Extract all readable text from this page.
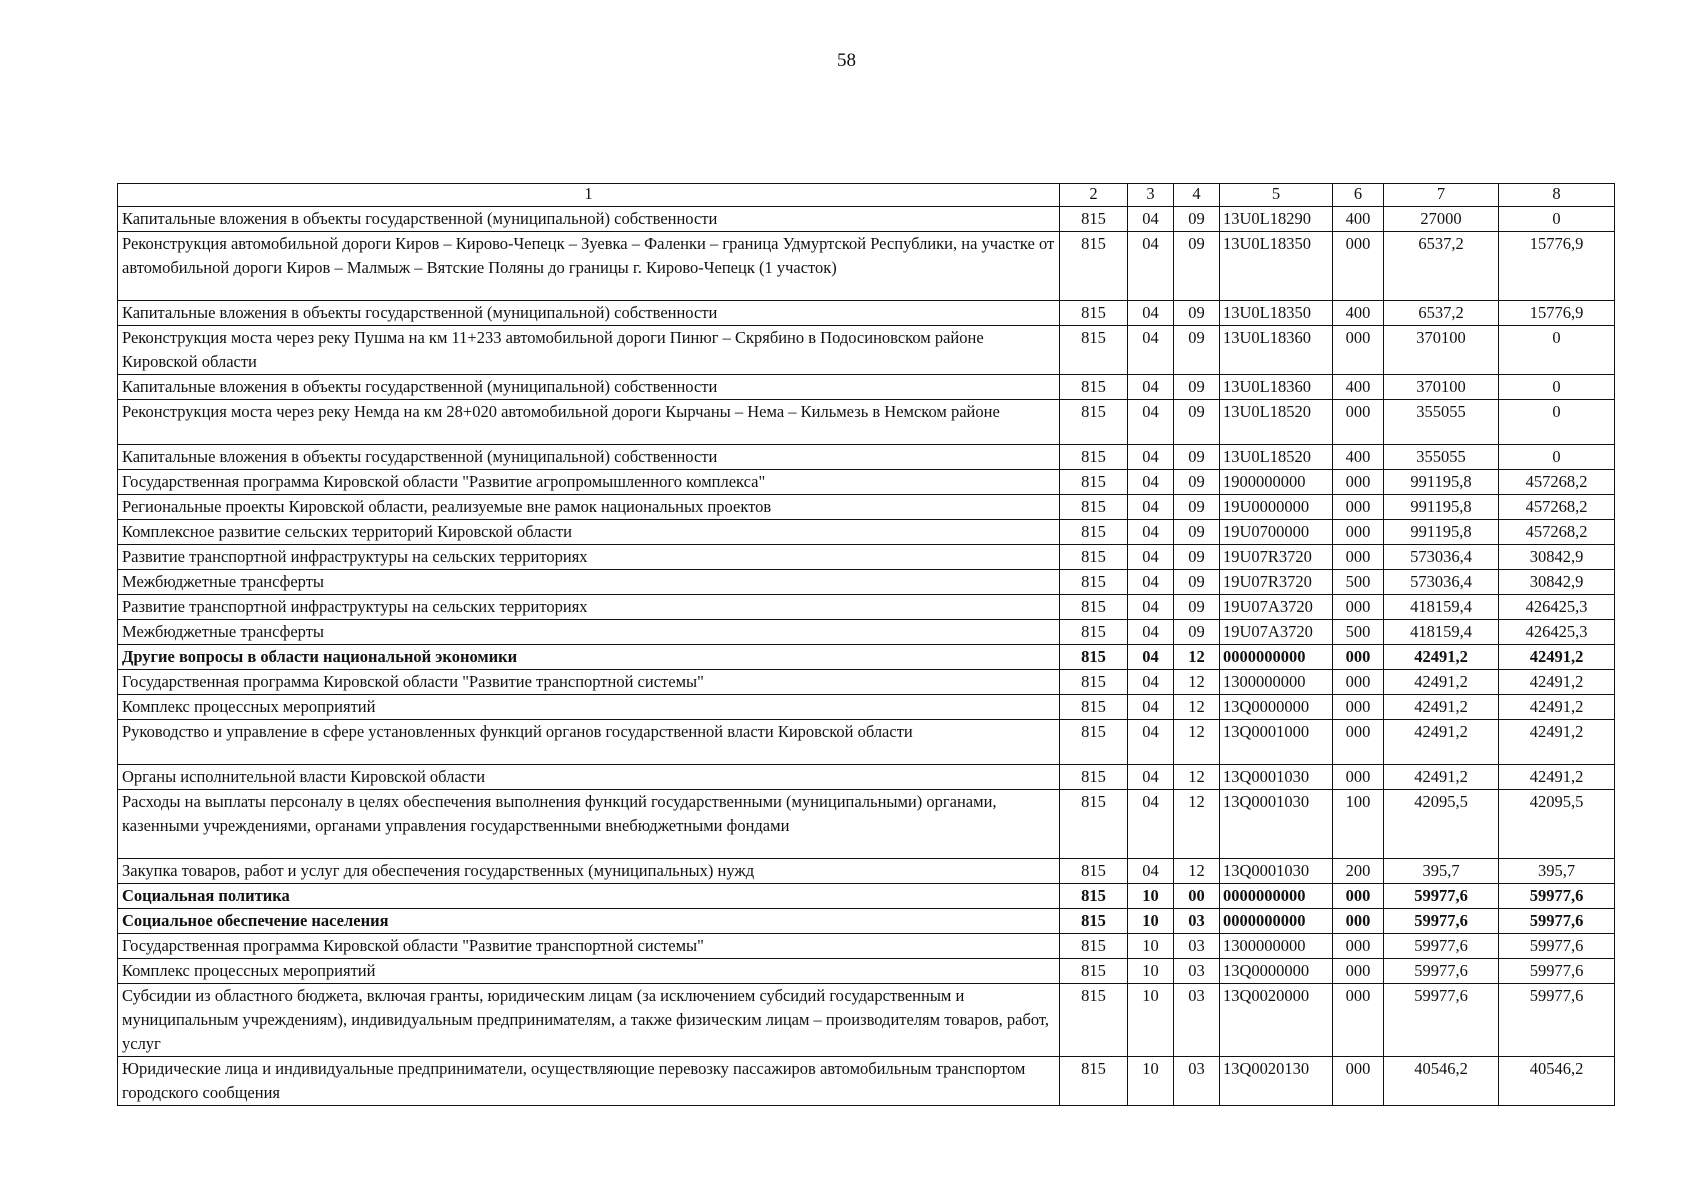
58
1	2	3	4	5	6	7	8
Капитальные вложения в объекты государственной (муниципальной) собственности	815	04	09	13U0L18290	400	27000	0
Реконструкция автомобильной дороги Киров – Кирово-Чепецк – Зуевка – Фаленки – граница Удмуртской Республики, на участке от автомобильной дороги Киров – Малмыж – Вятские Поляны до границы г. Кирово-Чепецк (1 участок)	815	04	09	13U0L18350	000	6537,2	15776,9
Капитальные вложения в объекты государственной (муниципальной) собственности	815	04	09	13U0L18350	400	6537,2	15776,9
Реконструкция моста через реку Пушма на км 11+233 автомобильной дороги Пинюг – Скрябино в Подосиновском районе Кировской области	815	04	09	13U0L18360	000	370100	0
Капитальные вложения в объекты государственной (муниципальной) собственности	815	04	09	13U0L18360	400	370100	0
Реконструкция моста через реку Немда на км 28+020 автомобильной дороги Кырчаны – Нема – Кильмезь в Немском районе	815	04	09	13U0L18520	000	355055	0
Капитальные вложения в объекты государственной (муниципальной) собственности	815	04	09	13U0L18520	400	355055	0
Государственная программа Кировской области "Развитие агропромышленного комплекса"	815	04	09	1900000000	000	991195,8	457268,2
Региональные проекты Кировской области, реализуемые вне рамок национальных проектов	815	04	09	19U0000000	000	991195,8	457268,2
Комплексное развитие сельских территорий Кировской области	815	04	09	19U0700000	000	991195,8	457268,2
Развитие транспортной инфраструктуры на сельских территориях	815	04	09	19U07R3720	000	573036,4	30842,9
Межбюджетные трансферты	815	04	09	19U07R3720	500	573036,4	30842,9
Развитие транспортной инфраструктуры на сельских территориях	815	04	09	19U07A3720	000	418159,4	426425,3
Межбюджетные трансферты	815	04	09	19U07A3720	500	418159,4	426425,3
Другие вопросы в области национальной экономики	815	04	12	0000000000	000	42491,2	42491,2
Государственная программа Кировской области "Развитие транспортной системы"	815	04	12	1300000000	000	42491,2	42491,2
Комплекс процессных мероприятий	815	04	12	13Q0000000	000	42491,2	42491,2
Руководство и управление в сфере установленных функций органов государственной власти Кировской области	815	04	12	13Q0001000	000	42491,2	42491,2
Органы исполнительной власти Кировской области	815	04	12	13Q0001030	000	42491,2	42491,2
Расходы на выплаты персоналу в целях обеспечения выполнения функций государственными (муниципальными) органами, казенными учреждениями, органами управления государственными внебюджетными фондами	815	04	12	13Q0001030	100	42095,5	42095,5
Закупка товаров, работ и услуг для обеспечения государственных (муниципальных) нужд	815	04	12	13Q0001030	200	395,7	395,7
Социальная политика	815	10	00	0000000000	000	59977,6	59977,6
Социальное обеспечение населения	815	10	03	0000000000	000	59977,6	59977,6
Государственная программа Кировской области "Развитие транспортной системы"	815	10	03	1300000000	000	59977,6	59977,6
Комплекс процессных мероприятий	815	10	03	13Q0000000	000	59977,6	59977,6
Субсидии из областного бюджета, включая гранты, юридическим лицам (за исключением субсидий государственным и муниципальным учреждениям), индивидуальным предпринимателям, а также физическим лицам – производителям товаров, работ, услуг	815	10	03	13Q0020000	000	59977,6	59977,6
Юридические лица и индивидуальные предприниматели, осуществляющие перевозку пассажиров автомобильным транспортом городского сообщения	815	10	03	13Q0020130	000	40546,2	40546,2
